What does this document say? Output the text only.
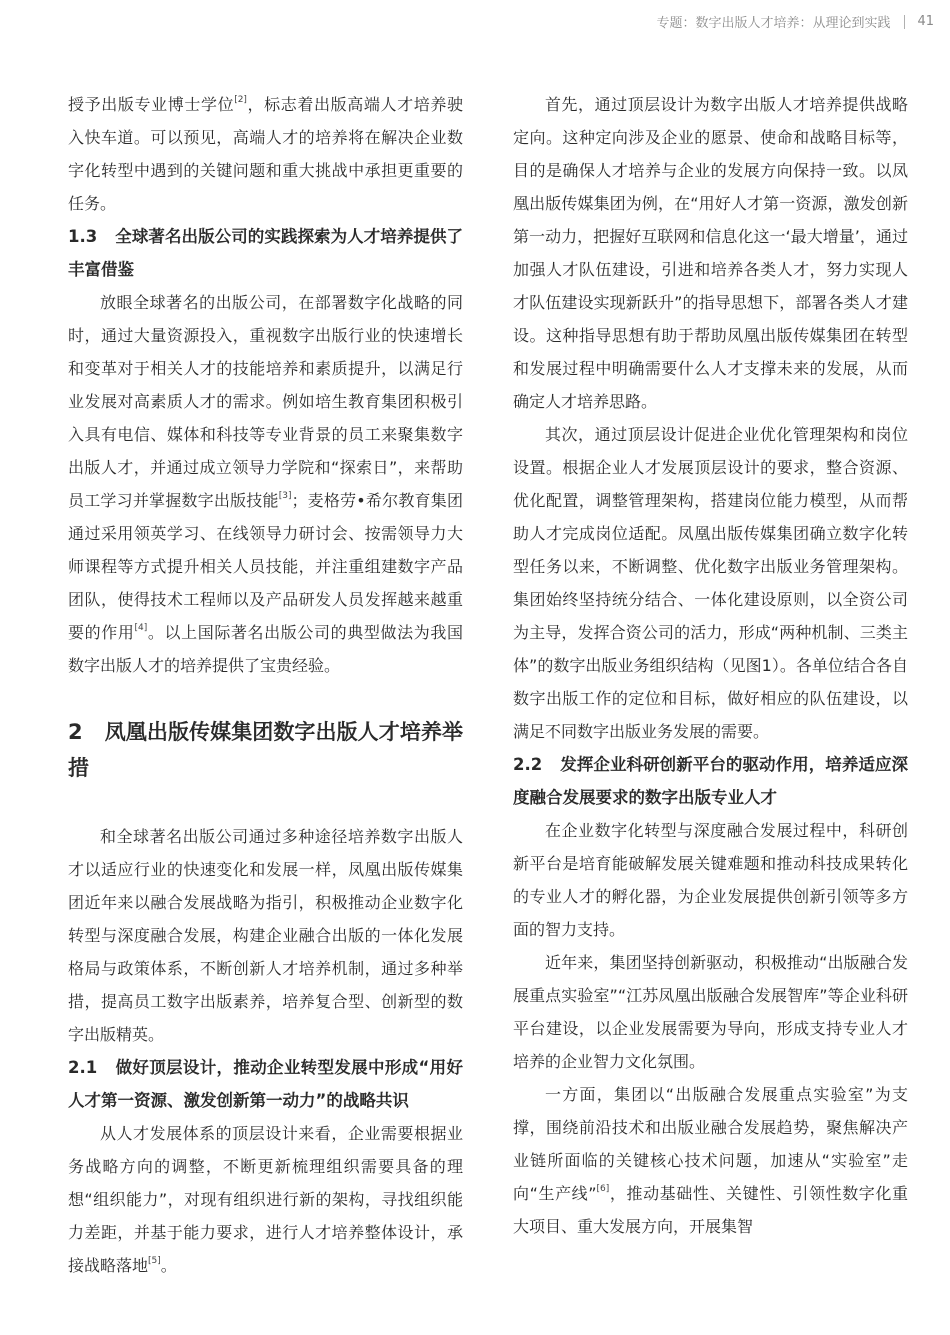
专题：数字出版人才培养：从理论到实践 41

授予出版专业博士学位[2]，标志着出版高端人才培养驶入快车道。可以预见，高端人才的培养将在解决企业数字化转型中遇到的关键问题和重大挑战中承担更重要的任务。

1.3 全球著名出版公司的实践探索为人才培养提供了丰富借鉴

放眼全球著名的出版公司，在部署数字化战略的同时，通过大量资源投入，重视数字出版行业的快速增长和变革对于相关人才的技能培养和素质提升，以满足行业发展对高素质人才的需求。例如培生教育集团积极引入具有电信、媒体和科技等专业背景的员工来聚集数字出版人才，并通过成立领导力学院和“探索日”，来帮助员工学习并掌握数字出版技能[3]；麦格劳•希尔教育集团通过采用领英学习、在线领导力研讨会、按需领导力大师课程等方式提升相关人员技能，并注重组建数字产品团队，使得技术工程师以及产品研发人员发挥越来越重要的作用[4]。以上国际著名出版公司的典型做法为我国数字出版人才的培养提供了宝贵经验。

2 凤凰出版传媒集团数字出版人才培养举措

和全球著名出版公司通过多种途径培养数字出版人才以适应行业的快速变化和发展一样，凤凰出版传媒集团近年来以融合发展战略为指引，积极推动企业数字化转型与深度融合发展，构建企业融合出版的一体化发展格局与政策体系，不断创新人才培养机制，通过多种举措，提高员工数字出版素养，培养复合型、创新型的数字出版精英。

2.1 做好顶层设计，推动企业转型发展中形成“用好人才第一资源、激发创新第一动力”的战略共识

从人才发展体系的顶层设计来看，企业需要根据业务战略方向的调整，不断更新梳理组织需要具备的理想“组织能力”，对现有组织进行新的架构，寻找组织能力差距，并基于能力要求，进行人才培养整体设计，承接战略落地[5]。

首先，通过顶层设计为数字出版人才培养提供战略定向。这种定向涉及企业的愿景、使命和战略目标等，目的是确保人才培养与企业的发展方向保持一致。以凤凰出版传媒集团为例，在“用好人才第一资源，激发创新第一动力，把握好互联网和信息化这一‘最大增量’，通过加强人才队伍建设，引进和培养各类人才，努力实现人才队伍建设实现新跃升”的指导思想下，部署各类人才建设。这种指导思想有助于帮助凤凰出版传媒集团在转型和发展过程中明确需要什么人才支撑未来的发展，从而确定人才培养思路。

其次，通过顶层设计促进企业优化管理架构和岗位设置。根据企业人才发展顶层设计的要求，整合资源、优化配置，调整管理架构，搭建岗位能力模型，从而帮助人才完成岗位适配。凤凰出版传媒集团确立数字化转型任务以来，不断调整、优化数字出版业务管理架构。集团始终坚持统分结合、一体化建设原则，以全资公司为主导，发挥合资公司的活力，形成“两种机制、三类主体”的数字出版业务组织结构（见图1）。各单位结合各自数字出版工作的定位和目标，做好相应的队伍建设，以满足不同数字出版业务发展的需要。

2.2 发挥企业科研创新平台的驱动作用，培养适应深度融合发展要求的数字出版专业人才

在企业数字化转型与深度融合发展过程中，科研创新平台是培育能破解发展关键难题和推动科技成果转化的专业人才的孵化器，为企业发展提供创新引领等多方面的智力支持。

近年来，集团坚持创新驱动，积极推动“出版融合发展重点实验室”“江苏凤凰出版融合发展智库”等企业科研平台建设，以企业发展需要为导向，形成支持专业人才培养的企业智力文化氛围。

一方面，集团以“出版融合发展重点实验室”为支撑，围绕前沿技术和出版业融合发展趋势，聚焦解决产业链所面临的关键核心技术问题，加速从“实验室”走向“生产线”[6]，推动基础性、关键性、引领性数字化重大项目、重大发展方向，开展集智
